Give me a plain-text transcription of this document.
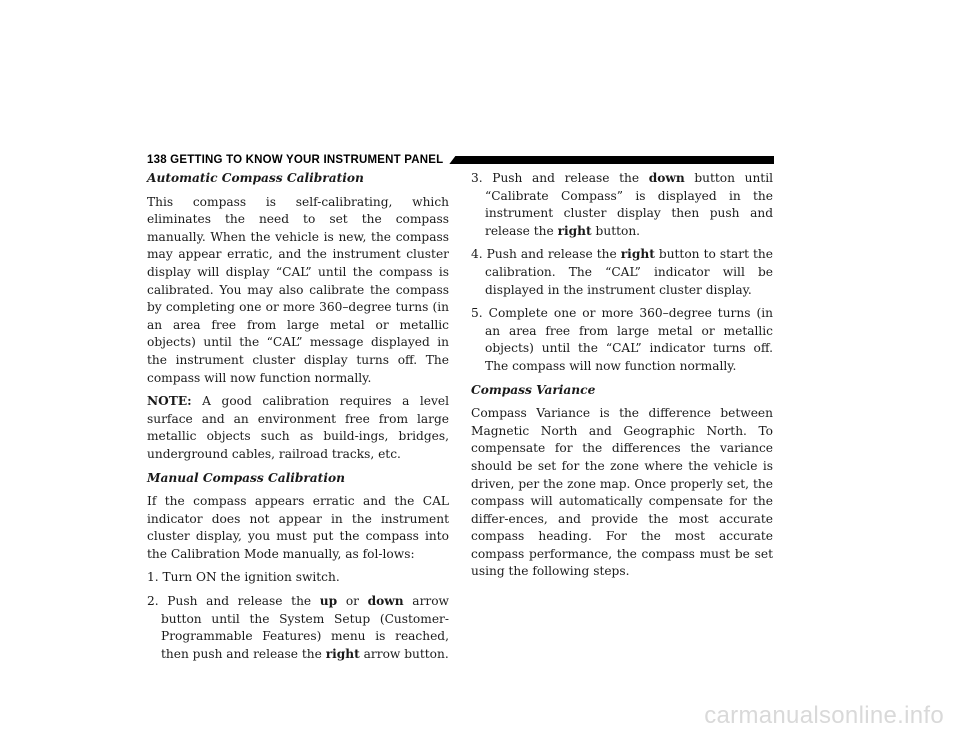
138 GETTING TO KNOW YOUR INSTRUMENT PANEL

Automatic Compass Calibration

This compass is self-calibrating, which eliminates the need to set the compass manually. When the vehicle is new, the compass may appear erratic, and the instrument cluster display will display “CAL” until the compass is calibrated. You may also calibrate the compass by completing one or more 360–degree turns (in an area free from large metal or metallic objects) until the “CAL” message displayed in the instrument cluster display turns off. The compass will now function normally.

NOTE: A good calibration requires a level surface and an environment free from large metallic objects such as build-ings, bridges, underground cables, railroad tracks, etc.

Manual Compass Calibration

If the compass appears erratic and the CAL indicator does not appear in the instrument cluster display, you must put the compass into the Calibration Mode manually, as fol-lows:

1. Turn ON the ignition switch.

2. Push and release the up or down arrow button until the System Setup (Customer-Programmable Features) menu is reached, then push and release the right arrow button.

3. Push and release the down button until “Calibrate Compass” is displayed in the instrument cluster display then push and release the right button.

4. Push and release the right button to start the calibration. The “CAL” indicator will be displayed in the instrument cluster display.

5. Complete one or more 360–degree turns (in an area free from large metal or metallic objects) until the “CAL” indicator turns off. The compass will now function normally.

Compass Variance

Compass Variance is the difference between Magnetic North and Geographic North. To compensate for the differences the variance should be set for the zone where the vehicle is driven, per the zone map. Once properly set, the compass will automatically compensate for the differ-ences, and provide the most accurate compass heading. For the most accurate compass performance, the compass must be set using the following steps.

carmanualsonline.info
